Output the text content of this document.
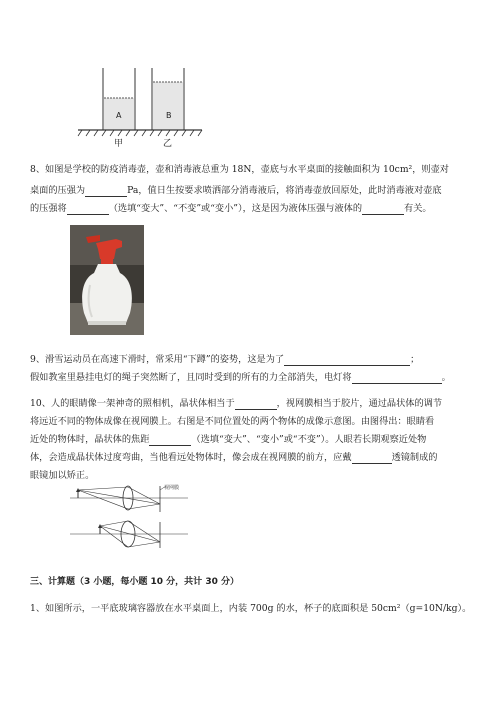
A	B
甲	乙
8、如图是学校的防疫消毒壶，壶和消毒液总重为 18N，壶底与水平桌面的接触面积为 10cm²，则壶对
桌面的压强为	Pa，值日生按要求喷洒部分消毒液后，将消毒壶放回原处，此时消毒液对壶底
的压强将	（选填“变大”、“不变”或“变小”），这是因为液体压强与液体的	有关。
9、滑雪运动员在高速下滑时，常采用“下蹲”的姿势，这是为了	；
假如教室里悬挂电灯的绳子突然断了，且同时受到的所有的力全部消失，电灯将	。
10、人的眼睛像一架神奇的照相机，晶状体相当于	，视网膜相当于胶片，通过晶状体的调节
将远近不同的物体成像在视网膜上。右图是不同位置处的两个物体的成像示意图。由图得出：眼睛看
近处的物体时，晶状体的焦距	（选填“变大”、“变小”或“不变”）。人眼若长期观察近处物
体，会造成晶状体过度弯曲，当他看远处物体时，像会成在视网膜的前方，应戴	透镜制成的
眼镜加以矫正。
视网膜
三、计算题（3 小题，每小题 10 分，共计 30 分）
1、如图所示，一平底玻璃容器放在水平桌面上，内装 700g 的水，杯子的底面积是 50cm²（g=10N/kg）。
